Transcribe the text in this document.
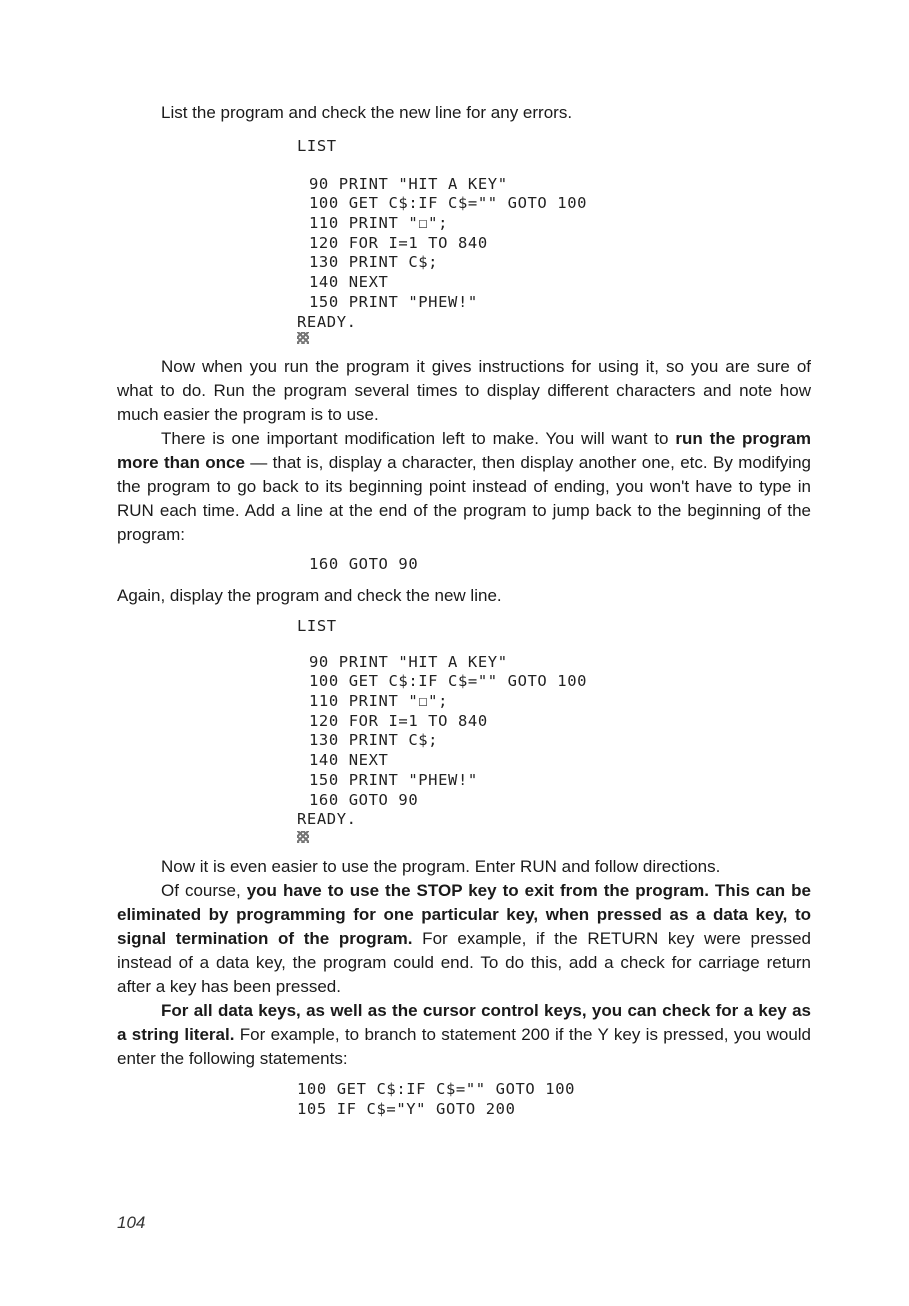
List the program and check the new line for any errors.
LIST
90 PRINT "HIT A KEY"
100 GET C$:IF C$="" GOTO 100
110 PRINT "☐";
120 FOR I=1 TO 840
130 PRINT C$;
140 NEXT
150 PRINT "PHEW!"
READY.
Now when you run the program it gives instructions for using it, so you are sure of what to do. Run the program several times to display different characters and note how much easier the program is to use.
There is one important modification left to make. You will want to run the program more than once — that is, display a character, then display another one, etc. By modifying the program to go back to its beginning point instead of ending, you won't have to type in RUN each time. Add a line at the end of the program to jump back to the beginning of the program:
160 GOTO 90
Again, display the program and check the new line.
LIST
90 PRINT "HIT A KEY"
100 GET C$:IF C$="" GOTO 100
110 PRINT "☐";
120 FOR I=1 TO 840
130 PRINT C$;
140 NEXT
150 PRINT "PHEW!"
160 GOTO 90
READY.
Now it is even easier to use the program. Enter RUN and follow directions.
Of course, you have to use the STOP key to exit from the program. This can be eliminated by programming for one particular key, when pressed as a data key, to signal termination of the program. For example, if the RETURN key were pressed instead of a data key, the program could end. To do this, add a check for carriage return after a key has been pressed.
For all data keys, as well as the cursor control keys, you can check for a key as a string literal. For example, to branch to statement 200 if the Y key is pressed, you would enter the following statements:
100 GET C$:IF C$="" GOTO 100
105 IF C$="Y" GOTO 200
104
